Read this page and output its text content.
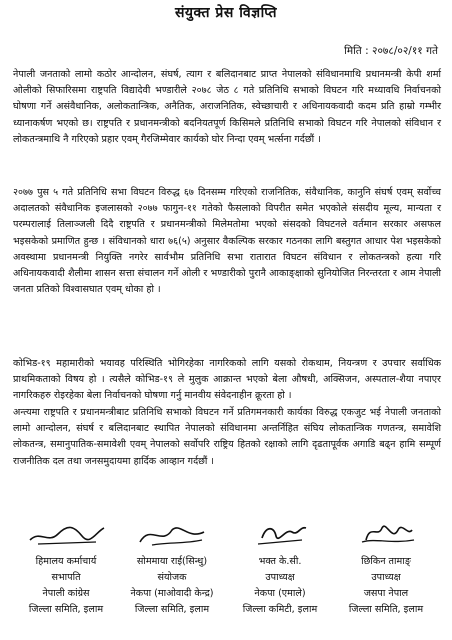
संयुक्त प्रेस विज्ञप्ति
मिति : २०७८/०२/११ गते

नेपाली जनताको लामो कठोर आन्दोलन, संघर्ष, त्याग र बलिदानबाट प्राप्त नेपालको संविधानमाथि प्रधानमन्त्री केपी शर्मा ओलीको सिफारिसमा राष्ट्रपति विद्यादेवी भण्डारीले २०७८ जेठ ८ गते प्रतिनिधि सभाको विघटन गरि मध्यावधि निर्वाचनको घोषणा गर्ने असंवैधानिक, अलोकतान्त्रिक, अनैतिक, अराजनितिक, स्वेच्छाचारी र अधिनायकवादी कदम प्रति हाम्रो गम्भीर ध्यानाकर्षण भएको छ। राष्ट्रपति र प्रधानमन्त्रीको बदनियतपूर्ण किसिमले प्रतिनिधि सभाको विघटन गरि नेपालको संविधान र लोकतन्त्रमाथि नै गरिएको प्रहार एवम् गैरजिम्मेवार कार्यको घोर निन्दा एवम् भर्त्सना गर्दछौं ।

२०७७ पुस ५ गते प्रतिनिधि सभा विघटन विरुद्ध ६७ दिनसम्म गरिएको राजनितिक, संवैधानिक, कानुनि संघर्ष एवम् सर्वोच्च अदालतको संवैधानिक इजलासको २०७७ फागुन-११ गतेको फैसलाको विपरीत समेत भएकोले संसदीय मूल्य, मान्यता र परम्परालाई तिलाञ्जली दिदै राष्ट्रपति र प्रधानमन्त्रीको मिलेमतोमा भएको संसदको विघटनले वर्तमान सरकार असफल भइसकेको प्रमाणित हुन्छ । संविधानको धारा ७६(५) अनुसार वैकल्पिक सरकार गठनका लागि बस्तुगत आधार पेश भइसकेको अवस्थामा प्रधानमन्त्री नियुक्ति नगरेर सार्वभौम प्रतिनिधि सभा रातारात विघटन संविधान र लोकतन्त्रको हत्या गरि अधिनायकवादी शैलीमा शासन सत्ता संचालन गर्ने ओली र भण्डारीको पुरानै आकाङ्क्षाको सुनियोजित निरन्तरता र आम नेपाली जनता प्रतिको विश्वासघात एवम् धोका हो ।

कोभिड-१९ महामारीको भयावह परिस्थिति भोगिरहेका नागरिकको लागि यसको रोकथाम, नियन्त्रण र उपचार सर्वाधिक प्राथमिकताको विषय हो । त्यसैले कोभिड-१९ ले मुलुक आक्रान्त भएको बेला औषधी, अक्सिजन, अस्पताल-शैया नपाएर नागरिकहरु रोइरहेका बेला निर्वाचनको घोषणा गर्नु मानवीय संवेदनाहीन क्रूरता हो ।

अन्त्यमा राष्ट्रपति र प्रधानमन्त्रीबाट प्रतिनिधि सभाको विघटन गर्ने प्रतिगमनकारी कार्यका विरुद्ध एकजुट भई नेपाली जनताको लामो आन्दोलन, संघर्ष र बलिदानबाट स्थापित नेपालको संविधानमा अन्तर्निहित संघिय लोकतान्त्रिक गणतन्त्र, समावेशि लोकतन्त्र, समानुपातिक-समावेशी एवम् नेपालको सर्वोपरि राष्ट्रिय हितको रक्षाको लागि दृढतापूर्वक अगाडि बढ्न हामि सम्पूर्ण राजनीतिक दल तथा जनसमुदायमा हार्दिक आव्हान गर्दछौं ।

हिमालय कर्माचार्य
सभापति
नेपाली कांग्रेस
जिल्ला समिति, इलाम
सोममाया राई(सिन्धु)
संयोजक
नेकपा (माओवादी केन्द्र)
जिल्ला समिति, इलाम
भक्त के.सी.
उपाध्यक्ष
नेकपा (एमाले)
जिल्ला कमिटी, इलाम
छिकिन तामाङ्
उपाध्यक्ष
जसपा नेपाल
जिल्ला समिति, इलाम
